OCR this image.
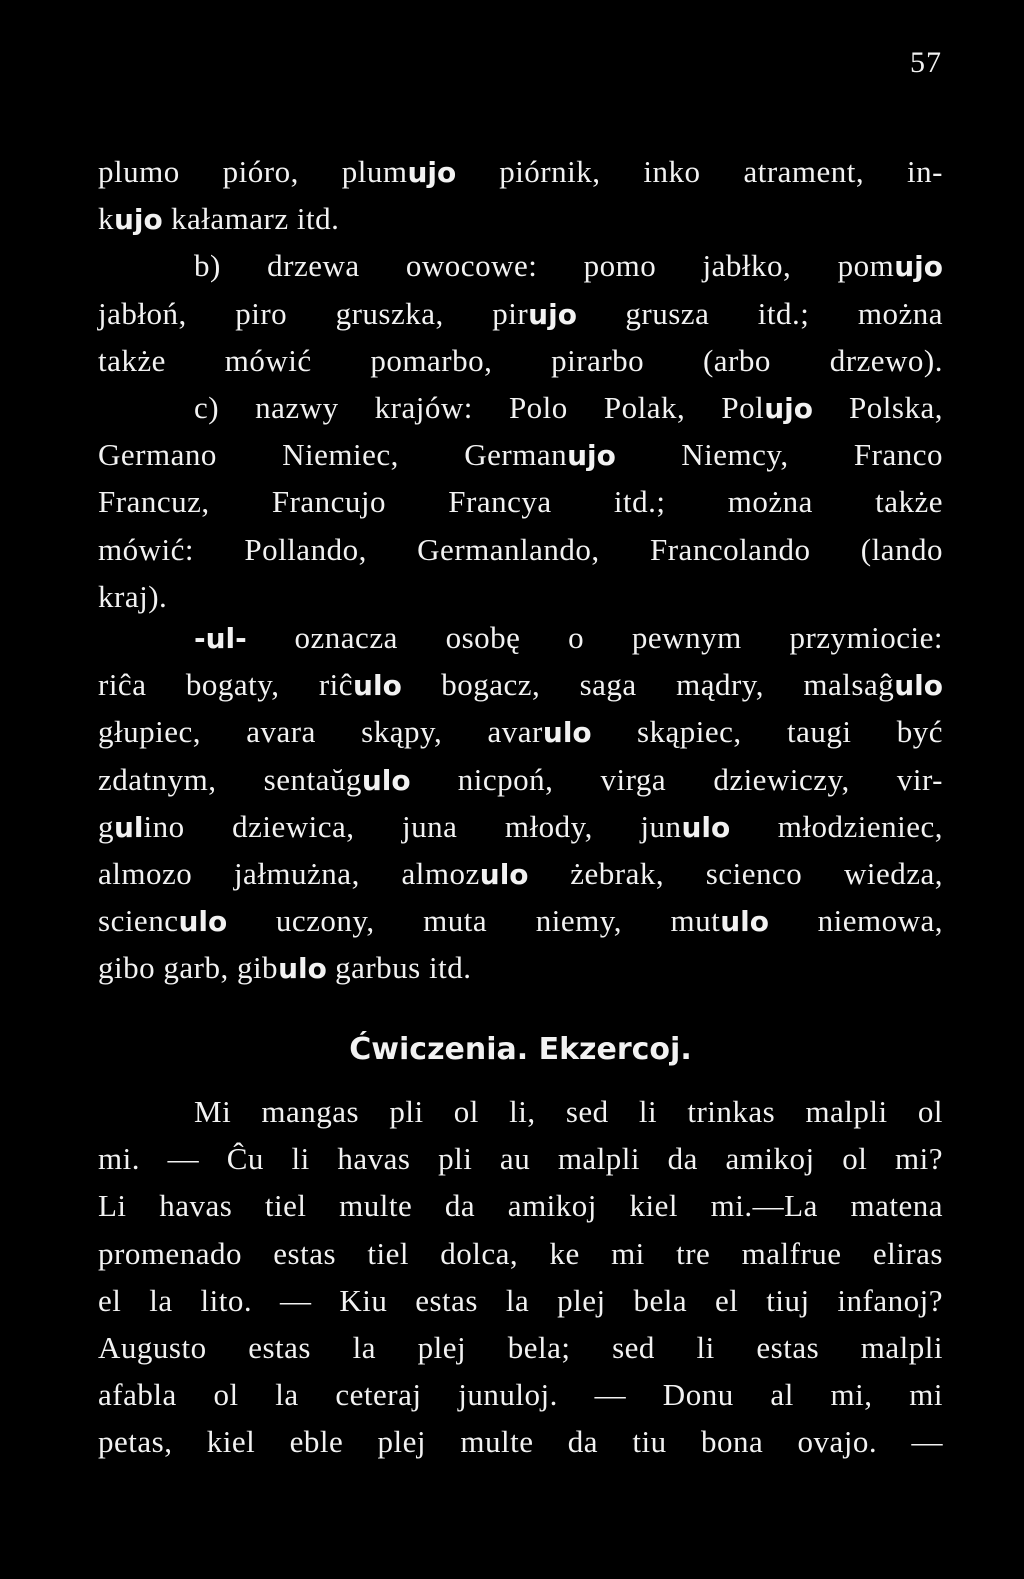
57
plumo pióro, plumujo piórnik, inko atrament, in-
kujo kałamarz itd.
b) drzewa owocowe: pomo jabłko, pomujo
jabłoń, piro gruszka, pirujo grusza itd.; można
także mówić pomarbo, pirarbo (arbo drzewo).
c) nazwy krajów: Polo Polak, Polujo Polska,
Germano Niemiec, Germanujo Niemcy, Franco
Francuz, Francujo Francya itd.; można także
mówić: Pollando, Germanlando, Francolando (lando
kraj).
-ul- oznacza osobę o pewnym przymiocie:
riĉa bogaty, riĉulo bogacz, saga mądry, malsaĝulo
głupiec, avara skąpy, avarulo skąpiec, taugi być
zdatnym, sentaŭgulo nicpoń, virga dziewiczy, vir-
gulino dziewica, juna młody, junulo młodzieniec,
almozo jałmużna, almozulo żebrak, scienco wiedza,
scienculo uczony, muta niemy, mutulo niemowa,
gibo garb, gibulo garbus itd.
Ćwiczenia. Ekzercoj.
Mi mangas pli ol li, sed li trinkas malpli ol
mi. — Ĉu li havas pli au malpli da amikoj ol mi?
Li havas tiel multe da amikoj kiel mi.—La matena
promenado estas tiel dolca, ke mi tre malfrue eliras
el la lito. — Kiu estas la plej bela el tiuj infanoj?
Augusto estas la plej bela; sed li estas malpli
afabla ol la ceteraj junuloj. — Donu al mi, mi
petas, kiel eble plej multe da tiu bona ovajo. —
